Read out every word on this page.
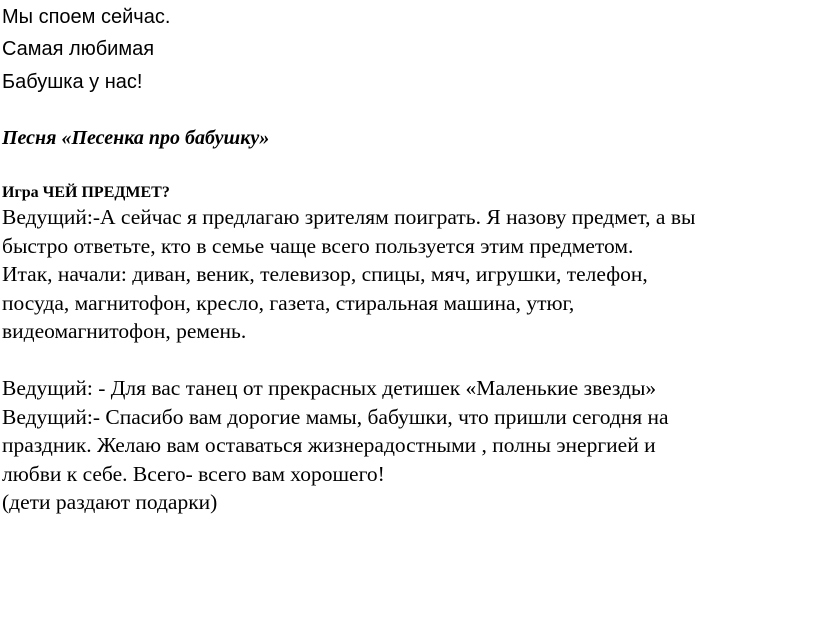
Мы споем сейчас.
Самая любимая
Бабушка у нас!
Песня «Песенка про бабушку»
Игра ЧЕЙ ПРЕДМЕТ?
Ведущий:-А сейчас я предлагаю зрителям поиграть. Я назову предмет, а вы
быстро ответьте, кто в семье чаще всего пользуется этим предметом.
Итак, начали: диван, веник, телевизор, спицы, мяч, игрушки, телефон,
посуда, магнитофон, кресло, газета, стиральная машина, утюг,
видеомагнитофон, ремень.
Ведущий: - Для вас танец от прекрасных детишек «Маленькие звезды»
Ведущий:- Спасибо вам дорогие мамы, бабушки, что пришли сегодня на
праздник. Желаю вам оставаться жизнерадостными , полны энергией и
любви к себе. Всего- всего вам хорошего!
(дети раздают подарки)
